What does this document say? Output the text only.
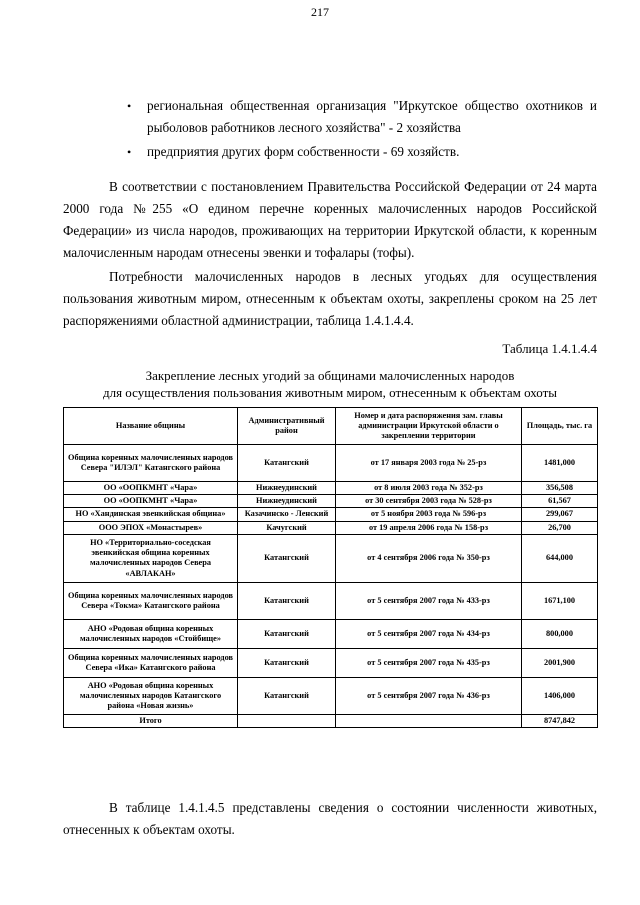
217
• региональная общественная организация "Иркутское общество охотников и рыболовов работников лесного хозяйства" - 2 хозяйства
• предприятия других форм собственности - 69 хозяйств.

В соответствии с постановлением Правительства Российской Федерации от 24 марта 2000 года №255 «О едином перечне коренных малочисленных народов Российской Федерации» из числа народов, проживающих на территории Иркутской области, к коренным малочисленным народам отнесены эвенки и тофалары (тофы).

Потребности малочисленных народов в лесных угодьях для осуществления пользования животным миром, отнесенным к объектам охоты, закреплены сроком на 25 лет распоряжениями областной администрации, таблица 1.4.1.4.4.

Таблица 1.4.1.4.4
Закрепление лесных угодий за общинами малочисленных народов
для осуществления пользования животным миром, отнесенным к объектам охоты
Название общины	Административный район	Номер и дата распоряжения зам. главы администрации Иркутской области о закреплении территории	Площадь, тыс. га
Община коренных малочисленных народов Севера "ИЛЭЛ" Катангского района	Катангский	от 17 января 2003 года № 25-рз	1481,000
ОО «ООПКМНТ «Чара»	Нижнеудинский	от 8 июля 2003 года № 352-рз	356,508
ОО «ООПКМНТ «Чара»	Нижнеудинский	от 30 сентября 2003 года № 528-рз	61,567
НО «Хандинская эвенкийская община»	Казачинско - Ленский	от 5 ноября 2003 года № 596-рз	299,067
ООО ЭПОХ «Монастырев»	Качугский	от 19 апреля 2006 года № 158-рз	26,700
НО «Территориально-соседская эвенкийская община коренных малочисленных народов Севера «АВЛАКАН»	Катангский	от 4 сентября 2006 года № 350-рз	644,000
Община коренных малочисленных народов Севера «Токма» Катангского района	Катангский	от 5 сентября 2007 года № 433-рз	1671,100
АНО «Родовая община коренных малочисленных народов «Стойбище»	Катангский	от 5 сентября 2007 года № 434-рз	800,000
Община коренных малочисленных народов Севера «Ика» Катангского района	Катангский	от 5 сентября 2007 года № 435-рз	2001,900
АНО «Родовая община коренных малочисленных народов Катангского района «Новая жизнь»	Катангский	от 5 сентября 2007 года № 436-рз	1406,000
Итого			8747,842

В таблице 1.4.1.4.5 представлены сведения о состоянии численности животных, отнесенных к объектам охоты.
